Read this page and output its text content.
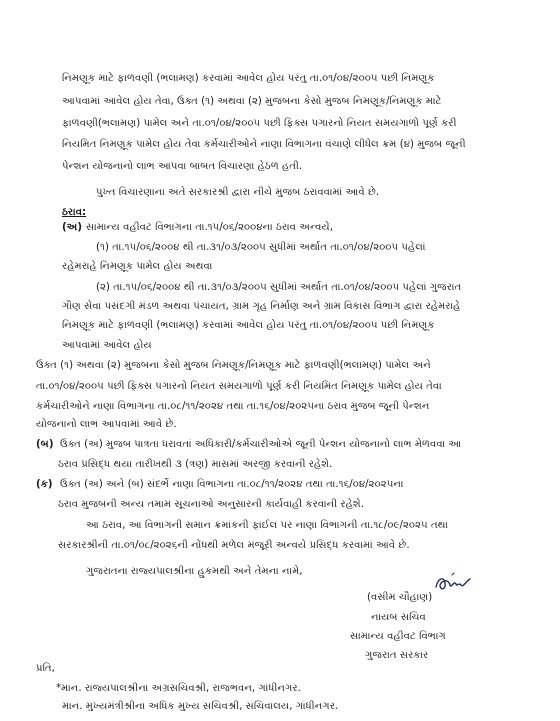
નિમણૂક માટે ફાળવણી (ભલામણ) કરવામાં આવેલ હોય પરંતુ તા.૦૧/૦૪/૨૦૦૫ પછી નિમણૂક
આપવામાં આવેલ હોય તેવા, ઉક્ત (૧) અથવા (૨) મુજબના કેસો મુજબ નિમણૂક/નિમણૂક માટે
ફાળવણી(ભલામણ) પામેલ અને તા.૦૧/૦૪/૨૦૦૫ પછી ફિક્સ પગારનો નિયત સમયગાળો પૂર્ણ કરી
નિયમિત નિમણૂક પામેલ હોય તેવા કર્મચારીઓને નાણા વિભાગના વંચાણે લીધેલ ક્રમ (૪) મુજબ જૂની
પેન્શન યોજનાનો લાભ આપવા બાબત વિચારણા હેઠળ હતી.
પુખ્ત વિચારણાના અંતે સરકારશ્રી દ્વારા નીચે મુજબ ઠરાવવામાં આવે છે.
ઠરાવ:
(અ) સામાન્ય વહીવટ વિભાગના તા.૧૫/૦૬/૨૦૦૪ના ઠરાવ અન્વયે,
(૧) તા.૧૫/૦૬/૨૦૦૪ થી તા.૩૧/૦૩/૨૦૦૫ સુધીમાં અર્થાત તા.૦૧/૦૪/૨૦૦૫ પહેલાં
રહેમરાહે નિમણૂક પામેલ હોય અથવા
(૨) તા.૧૫/૦૬/૨૦૦૪ થી તા.૩૧/૦૩/૨૦૦૫ સુધીમાં અર્થાત તા.૦૧/૦૪/૨૦૦૫ પહેલાં ગુજરાત
ગૌણ સેવા પસંદગી મંડળ અથવા પંચાયત, ગ્રામ ગૃહ નિર્માણ અને ગ્રામ વિકાસ વિભાગ દ્વારા રહેમરાહે
નિમણૂક માટે ફાળવણી (ભલામણ) કરવામાં આવેલ હોય પરંતુ તા.૦૧/૦૪/૨૦૦૫ પછી નિમણૂક
આપવામાં આવેલ હોય
ઉક્ત (૧) અથવા (૨) મુજબના કેસો મુજબ નિમણૂક/નિમણૂક માટે ફાળવણી(ભલામણ) પામેલ અને
તા.૦૧/૦૪/૨૦૦૫ પછી ફિક્સ પગારનો નિયત સમયગાળો પૂર્ણ કરી નિયમિત નિમણૂક પામેલ હોય તેવા
કર્મચારીઓને નાણા વિભાગના તા.૦૮/૧૧/૨૦૨૪ તથા તા.૧૬/૦૪/૨૦૨૫ના ઠરાવ મુજબ જૂની પેન્શન
યોજનાનો લાભ આપવામાં આવે છે.
(બ) ઉક્ત (અ) મુજબ પાત્રતા ધરાવતાં અધિકારી/કર્મચારીઓએ જૂની પેન્શન યોજનાનો લાભ મેળવવા આ
ઠરાવ પ્રસિદ્ધ થયા તારીખથી ૩ (ત્રણ) માસમાં અરજી કરવાની રહેશે.
(ક) ઉક્ત (અ) અને (બ) સંદર્ભે નાણા વિભાગના તા.૦૮/૧૧/૨૦૨૪ તથા તા.૧૬/૦૪/૨૦૨૫ના
ઠરાવ મુજબની અન્ય તમામ સૂચનાઓ અનુસારની કાર્યવાહી કરવાની રહેશે.
આ ઠરાવ, આ વિભાગની સમાન ક્રમાંકની ફાઈલ પર નાણા વિભાગની તા.૧૮/૦૯/૨૦૨૫ તથા
સરકારશ્રીની તા.૦૧/૦૮/૨૦૨૬ની નોંધથી મળેલ મંજૂરી અન્વયે પ્રસિદ્ધ કરવામાં આવે છે.
ગુજરાતના રાજ્યપાલશ્રીના હુકમથી અને તેમના નામે,
(વસીમ ચૌહાણ)
નાયબ સચિવ
સામાન્ય વહીવટ વિભાગ
ગુજરાત સરકાર
પ્રતિ,
*માન. રાજ્યપાલશ્રીના અગ્રસચિવશ્રી, રાજભવન, ગાંધીનગર.
માન. મુખ્યમંત્રીશ્રીના અધિક મુખ્ય સચિવશ્રી, સચિવાલય, ગાંધીનગર.
